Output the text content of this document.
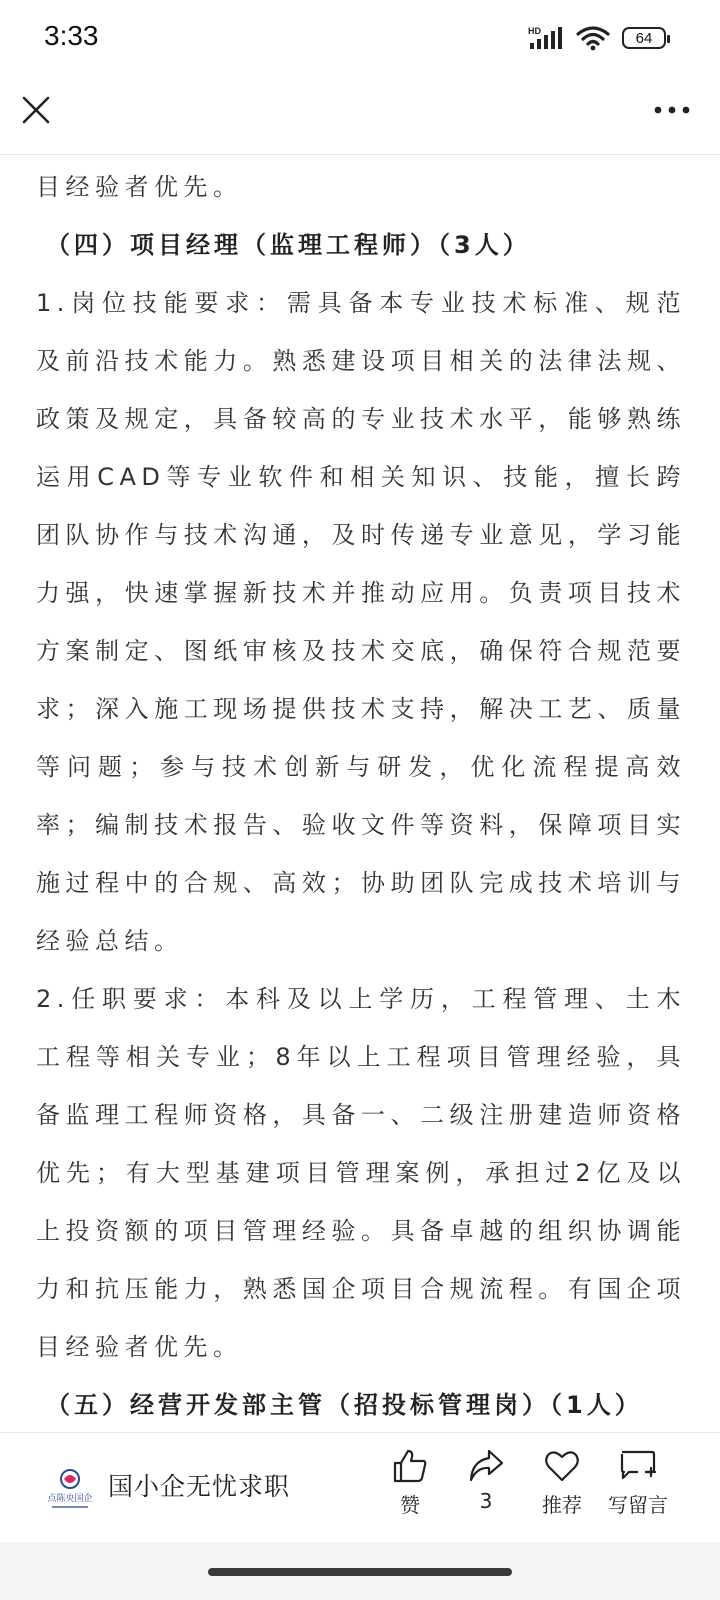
3:33	HD	64

目经验者优先。

（四）项目经理（监理工程师）（3人）

1.岗位技能要求：需具备本专业技术标准、规范及前沿技术能力。熟悉建设项目相关的法律法规、政策及规定，具备较高的专业技术水平，能够熟练运用CAD等专业软件和相关知识、技能，擅长跨团队协作与技术沟通，及时传递专业意见，学习能力强，快速掌握新技术并推动应用。负责项目技术方案制定、图纸审核及技术交底，确保符合规范要求；深入施工现场提供技术支持，解决工艺、质量等问题；参与技术创新与研发，优化流程提高效率；编制技术报告、验收文件等资料，保障项目实施过程中的合规、高效；协助团队完成技术培训与经验总结。

2.任职要求：本科及以上学历，工程管理、土木工程等相关专业；8年以上工程项目管理经验，具备监理工程师资格，具备一、二级注册建造师资格优先；有大型基建项目管理案例，承担过2亿及以上投资额的项目管理经验。具备卓越的组织协调能力和抗压能力，熟悉国企项目合规流程。有国企项目经验者优先。

（五）经营开发部主管（招投标管理岗）（1人）

点陈央国企 国小企无忧求职
赞	3	推荐	写留言
